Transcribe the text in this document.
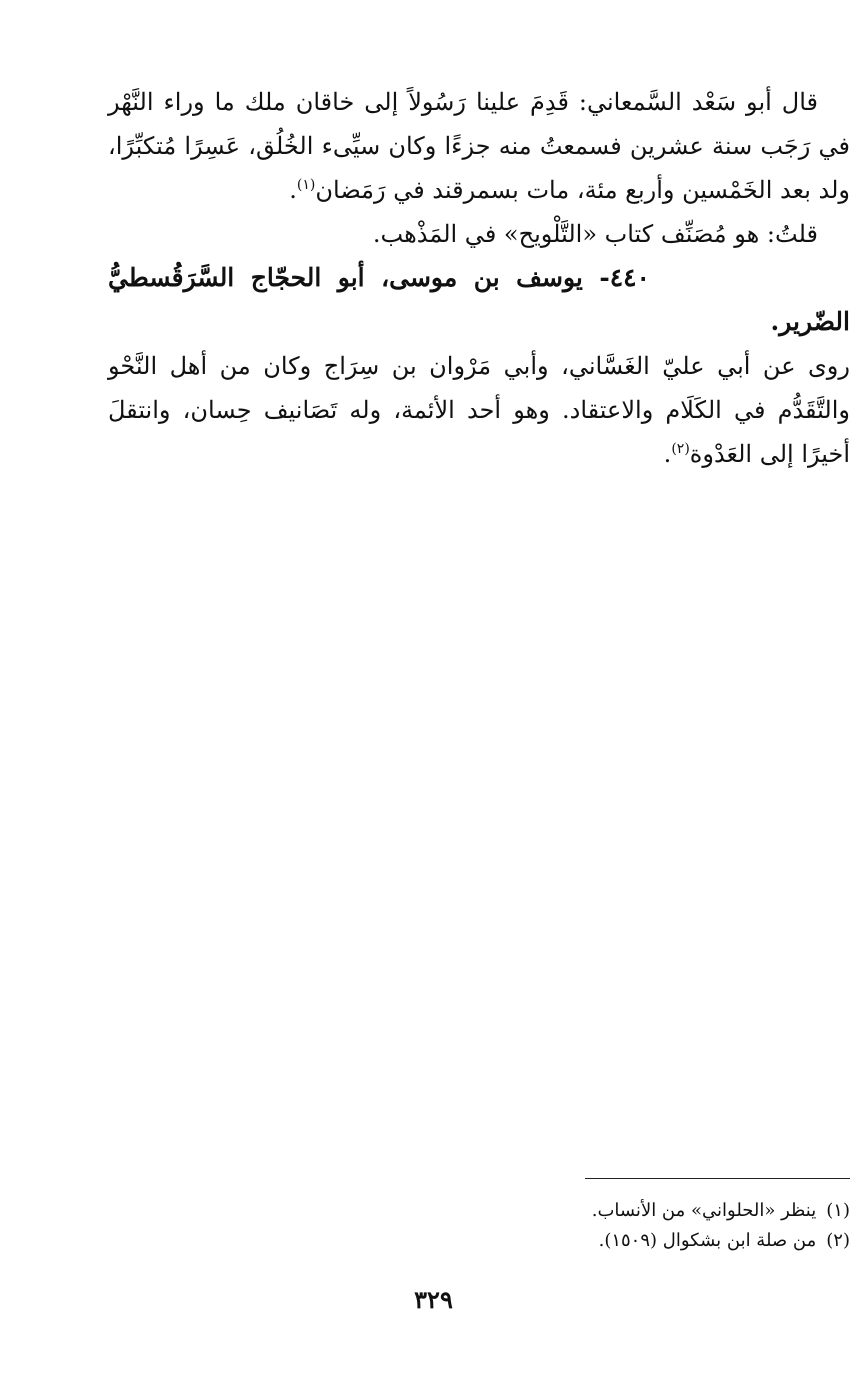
قال أبو سَعْد السَّمعاني: قَدِمَ علينا رَسُولاً إلى خاقان ملك ما وراء النَّهْر في رَجَب سنة عشرين فسمعتُ منه جزءًا وكان سيِّىء الخُلُق، عَسِرًا مُتكبِّرًا، ولد بعد الخَمْسين وأربع مئة، مات بسمرقند في رَمَضان$^{(١)}$.

قلتُ: هو مُصَنِّف كتاب «التَّلْويح» في المَذْهب.

٤٤٠- يوسف بن موسى، أبو الحجّاج السَّرَقُسطيُّ الضّرير.

روى عن أبي عليّ الغَسَّاني، وأبي مَرْوان بن سِرَاج وكان من أهل النَّحْو والتَّقَدُّم في الكَلَام والاعتقاد. وهو أحد الأئمة، وله تَصَانيف حِسان، وانتقلَ أخيرًا إلى العَدْوة$^{(٢)}$.

(١)ينظر «الحلواني» من الأنساب.

(٢)من صلة ابن بشكوال (١٥٠٩).

٣٢٩
